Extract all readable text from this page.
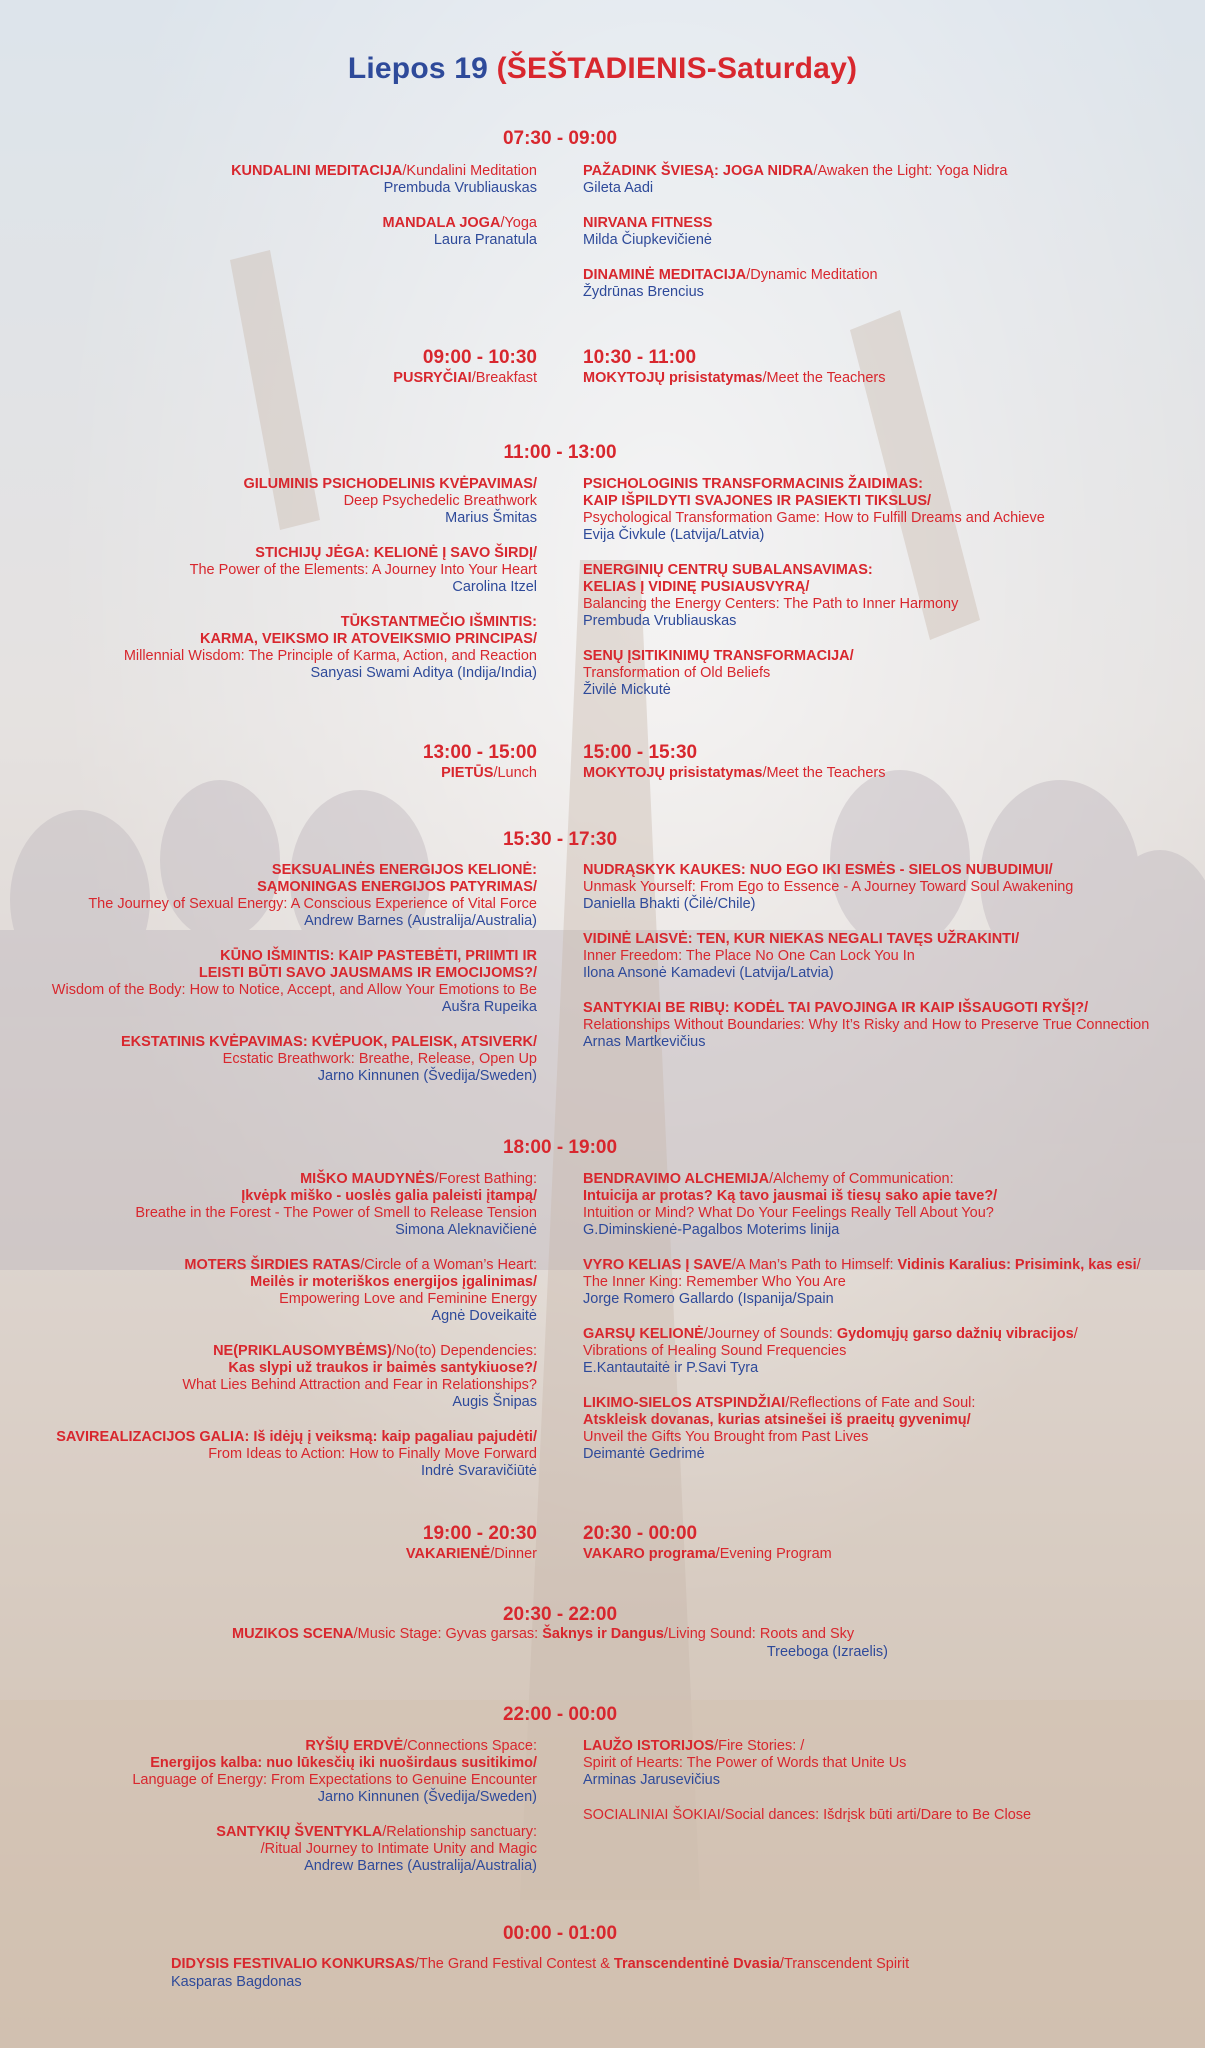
Liepos 19 (ŠEŠTADIENIS-Saturday)
07:30 - 09:00
KUNDALINI MEDITACIJA/Kundalini Meditation
Prembuda Vrubliauskas
MANDALA JOGA/Yoga
Laura Pranatula
PAŽADINK ŠVIESĄ: JOGA NIDRA/Awaken the Light: Yoga Nidra
Gileta Aadi
NIRVANA FITNESS
Milda Čiupkevičienė
DINAMINĖ MEDITACIJA/Dynamic Meditation
Žydrūnas Brencius
09:00 - 10:30
PUSRYČIAI/Breakfast
10:30 - 11:00
MOKYTOJŲ prisistatymas/Meet the Teachers
11:00 - 13:00
GILUMINIS PSICHODELINIS KVĖPAVIMAS/
Deep Psychedelic Breathwork
Marius Šmitas
STICHIJŲ JĖGA: KELIONĖ Į SAVO ŠIRDĮ/
The Power of the Elements: A Journey Into Your Heart
Carolina Itzel
TŪKSTANTMEČIO IŠMINTIS:
KARMA, VEIKSMO IR ATOVEIKSMIO PRINCIPAS/
Millennial Wisdom: The Principle of Karma, Action, and Reaction
Sanyasi Swami Aditya (Indija/India)
PSICHOLOGINIS TRANSFORMACINIS ŽAIDIMAS:
KAIP IŠPILDYTI SVAJONES IR PASIEKTI TIKSLUS/
Psychological Transformation Game: How to Fulfill Dreams and Achieve
Evija Čivkule (Latvija/Latvia)
ENERGINIŲ CENTRŲ SUBALANSAVIMAS:
KELIAS Į VIDINĘ PUSIAUSVYRĄ/
Balancing the Energy Centers: The Path to Inner Harmony
Prembuda Vrubliauskas
SENŲ ĮSITIKINIMŲ TRANSFORMACIJA/
Transformation of Old Beliefs
Živilė Mickutė
13:00 - 15:00
PIETŪS/Lunch
15:00 - 15:30
MOKYTOJŲ prisistatymas/Meet the Teachers
15:30 - 17:30
SEKSUALINĖS ENERGIJOS KELIONĖ:
SĄMONINGAS ENERGIJOS PATYRIMAS/
The Journey of Sexual Energy: A Conscious Experience of Vital Force
Andrew Barnes (Australija/Australia)
KŪNO IŠMINTIS: KAIP PASTEBĖTI, PRIIMTI IR
LEISTI BŪTI SAVO JAUSMAMS IR EMOCIJOMS?/
Wisdom of the Body: How to Notice, Accept, and Allow Your Emotions to Be
Aušra Rupeika
EKSTATINIS KVĖPAVIMAS: KVĖPUOK, PALEISK, ATSIVERK/
Ecstatic Breathwork: Breathe, Release, Open Up
Jarno Kinnunen (Švedija/Sweden)
NUDRĄSKYK KAUKES: NUO EGO IKI ESMĖS - SIELOS NUBUDIMUI/
Unmask Yourself: From Ego to Essence - A Journey Toward Soul Awakening
Daniella Bhakti (Čilė/Chile)
VIDINĖ LAISVĖ: TEN, KUR NIEKAS NEGALI TAVĘS UŽRAKINTI/
Inner Freedom: The Place No One Can Lock You In
Ilona Ansonė Kamadevi (Latvija/Latvia)
SANTYKIAI BE RIBŲ: KODĖL TAI PAVOJINGA IR KAIP IŠSAUGOTI RYŠĮ?/
Relationships Without Boundaries: Why It’s Risky and How to Preserve True Connection
Arnas Martkevičius
18:00 - 19:00
MIŠKO MAUDYNĖS/Forest Bathing:
Įkvėpk miško - uoslės galia paleisti įtampą/
Breathe in the Forest - The Power of Smell to Release Tension
Simona Aleknavičienė
MOTERS ŠIRDIES RATAS/Circle of a Woman’s Heart:
Meilės ir moteriškos energijos įgalinimas/
Empowering Love and Feminine Energy
Agnė Doveikaitė
NE(PRIKLAUSOMYBĖMS)/No(to) Dependencies:
Kas slypi už traukos ir baimės santykiuose?/
What Lies Behind Attraction and Fear in Relationships?
Augis Šnipas
SAVIREALIZACIJOS GALIA: Iš idėjų į veiksmą: kaip pagaliau pajudėti/
From Ideas to Action: How to Finally Move Forward
Indrė Svaravičiūtė
BENDRAVIMO ALCHEMIJA/Alchemy of Communication:
Intuicija ar protas? Ką tavo jausmai iš tiesų sako apie tave?/
Intuition or Mind? What Do Your Feelings Really Tell About You?
G.Diminskienė-Pagalbos Moterims linija
VYRO KELIAS Į SAVE/A Man’s Path to Himself: Vidinis Karalius: Prisimink, kas esi/
The Inner King: Remember Who You Are
Jorge Romero Gallardo (Ispanija/Spain
GARSŲ KELIONĖ/Journey of Sounds: Gydomųjų garso dažnių vibracijos/
Vibrations of Healing Sound Frequencies
E.Kantautaitė ir P.Savi Tyra
LIKIMO-SIELOS ATSPINDŽIAI/Reflections of Fate and Soul:
Atskleisk dovanas, kurias atsinešei iš praeitų gyvenimų/
Unveil the Gifts You Brought from Past Lives
Deimantė Gedrimė
19:00 - 20:30
VAKARIENĖ/Dinner
20:30 - 00:00
VAKARO programa/Evening Program
20:30 - 22:00
MUZIKOS SCENA/Music Stage: Gyvas garsas: Šaknys ir Dangus/Living Sound: Roots and Sky
Treeboga (Izraelis)
22:00 - 00:00
RYŠIŲ ERDVĖ/Connections Space:
Energijos kalba: nuo lūkesčių iki nuoširdaus susitikimo/
Language of Energy: From Expectations to Genuine Encounter
Jarno Kinnunen (Švedija/Sweden)
SANTYKIŲ ŠVENTYKLA/Relationship sanctuary:
/Ritual Journey to Intimate Unity and Magic
Andrew Barnes (Australija/Australia)
LAUŽO ISTORIJOS/Fire Stories: /
Spirit of Hearts: The Power of Words that Unite Us
Arminas Jarusevičius
SOCIALINIAI ŠOKIAI/Social dances: Išdrįsk būti arti/Dare to Be Close
00:00 - 01:00
DIDYSIS FESTIVALIO KONKURSAS/The Grand Festival Contest & Transcendentinė Dvasia/Transcendent Spirit
Kasparas Bagdonas
